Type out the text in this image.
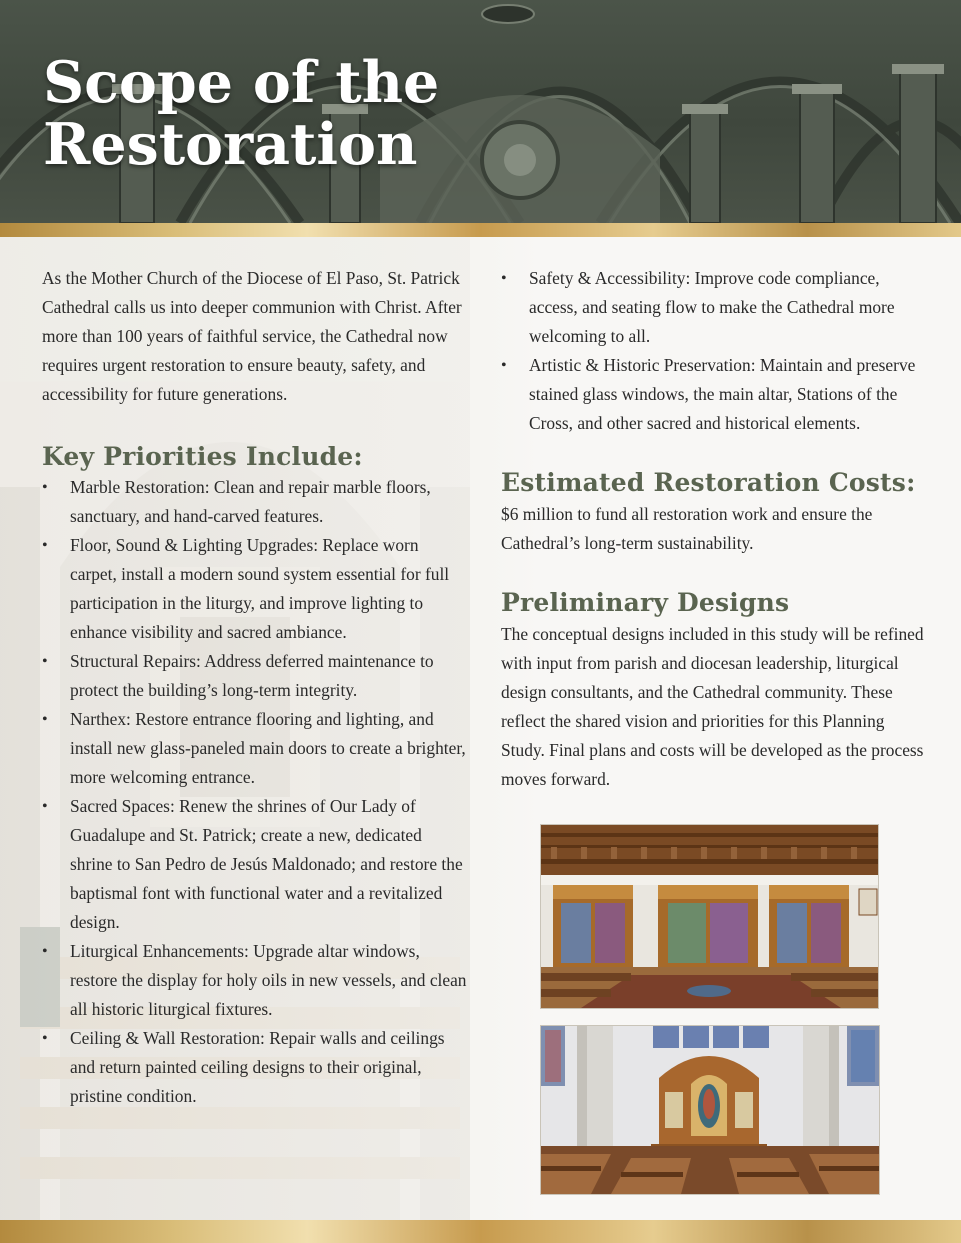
Scope of the
Restoration

As the Mother Church of the Diocese of El Paso, St. Patrick Cathedral calls us into deeper communion with Christ. After more than 100 years of faithful service, the Cathedral now requires urgent restoration to ensure beauty, safety, and accessibility for future generations.

Key Priorities Include:
• Marble Restoration: Clean and repair marble floors, sanctuary, and hand-carved features.
• Floor, Sound & Lighting Upgrades: Replace worn carpet, install a modern sound system essential for full participation in the liturgy, and improve lighting to enhance visibility and sacred ambiance.
• Structural Repairs: Address deferred maintenance to protect the building’s long-term integrity.
• Narthex: Restore entrance flooring and lighting, and install new glass-paneled main doors to create a brighter, more welcoming entrance.
• Sacred Spaces: Renew the shrines of Our Lady of Guadalupe and St. Patrick; create a new, dedicated shrine to San Pedro de Jesús Maldonado; and restore the baptismal font with functional water and a revitalized design.
• Liturgical Enhancements: Upgrade altar windows, restore the display for holy oils in new vessels, and clean all historic liturgical fixtures.
• Ceiling & Wall Restoration: Repair walls and ceilings and return painted ceiling designs to their original, pristine condition.
• Safety & Accessibility: Improve code compliance, access, and seating flow to make the Cathedral more welcoming to all.
• Artistic & Historic Preservation: Maintain and preserve stained glass windows, the main altar, Stations of the Cross, and other sacred and historical elements.
Estimated Restoration Costs:

$6 million to fund all restoration work and ensure the Cathedral’s long-term sustainability.

Preliminary Designs

The conceptual designs included in this study will be refined with input from parish and diocesan leadership, liturgical design consultants, and the Cathedral community. These reflect the shared vision and priorities for this Planning Study. Final plans and costs will be developed as the process moves forward.
